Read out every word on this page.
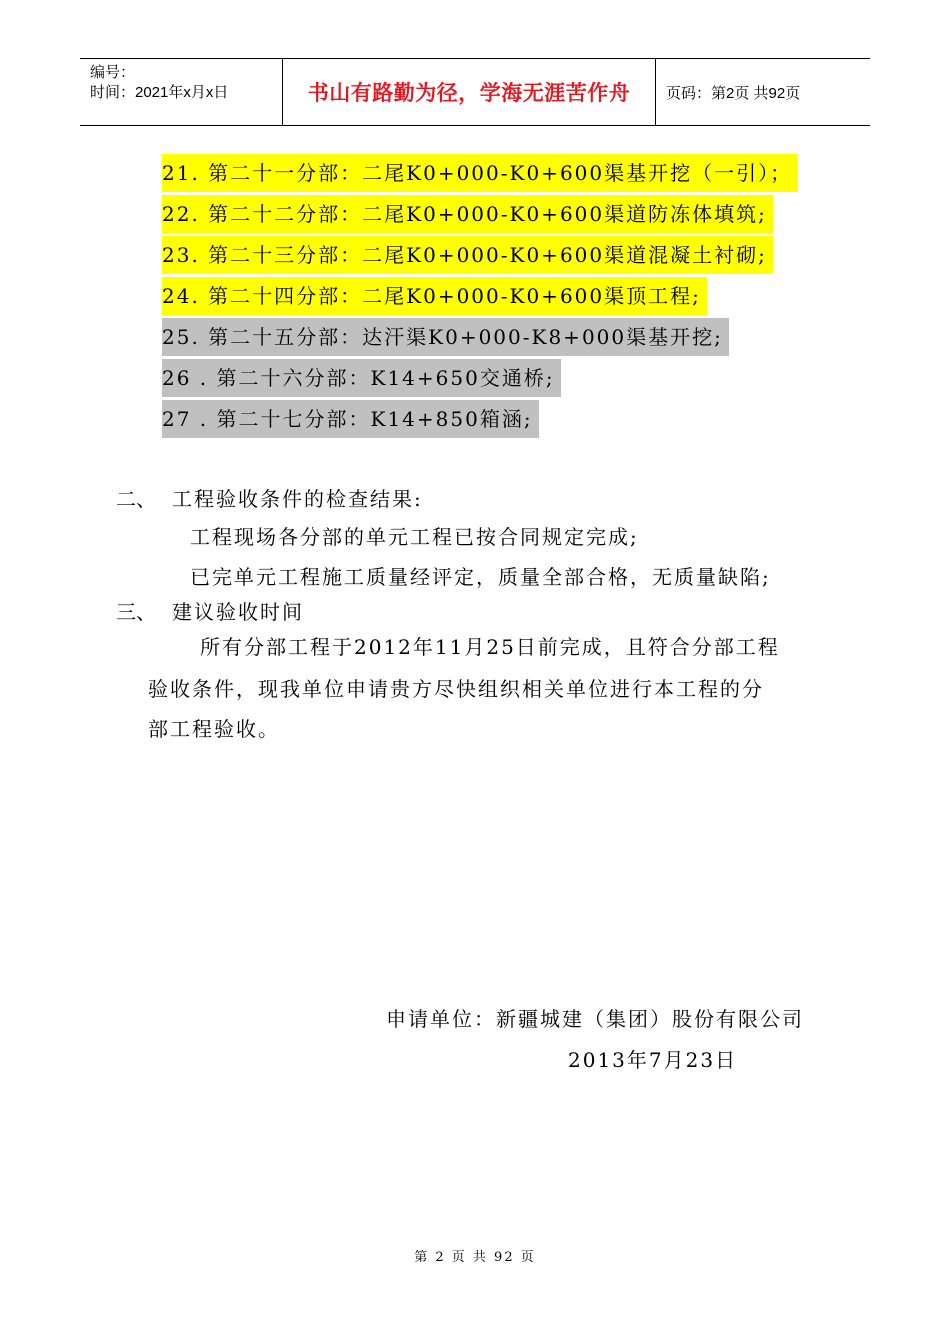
编号：
时间：2021年x月x日	书山有路勤为径，学海无涯苦作舟	页码：第2页 共92页
21. 第二十一分部：二尾K0+000-K0+600渠基开挖（一引）；
22. 第二十二分部：二尾K0+000-K0+600渠道防冻体填筑;
23. 第二十三分部：二尾K0+000-K0+600渠道混凝土衬砌;
24. 第二十四分部：二尾K0+000-K0+600渠顶工程;
25. 第二十五分部：达汗渠K0+000-K8+000渠基开挖;
26 . 第二十六分部：K14+650交通桥;
27 . 第二十七分部：K14+850箱涵;
二、 工程验收条件的检查结果:
工程现场各分部的单元工程已按合同规定完成;
已完单元工程施工质量经评定，质量全部合格，无质量缺陷;
三、 建议验收时间
所有分部工程于2012年11月25日前完成，且符合分部工程
验收条件，现我单位申请贵方尽快组织相关单位进行本工程的分
部工程验收。
申请单位：新疆城建（集团）股份有限公司
2013年7月23日
第 2 页 共 92 页
